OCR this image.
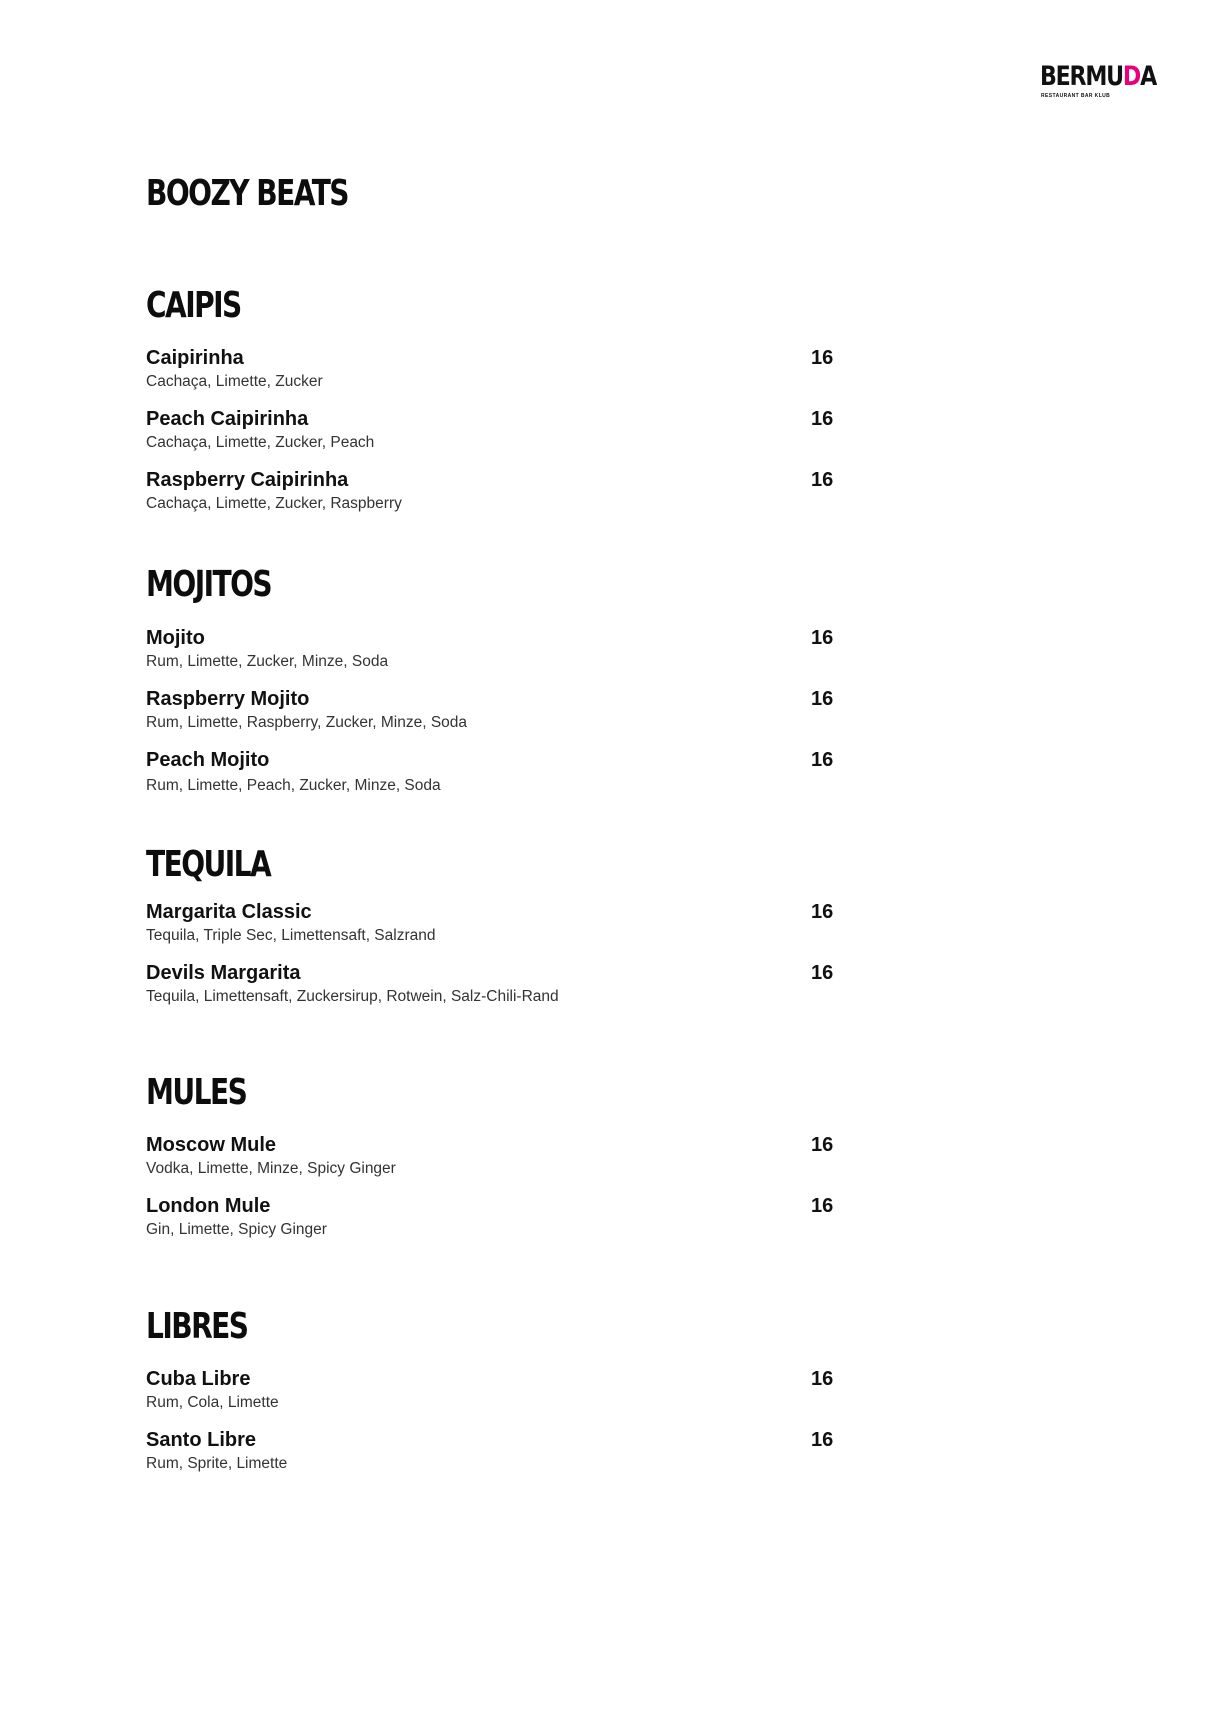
BERMUDA
RESTAURANT BAR KLUB
BOOZY BEATS
CAIPIS
Caipirinha
Cachaça, Limette, Zucker
16
Peach Caipirinha
Cachaça, Limette, Zucker, Peach
16
Raspberry Caipirinha
Cachaça, Limette, Zucker, Raspberry
16
MOJITOS
Mojito
Rum, Limette, Zucker, Minze, Soda
16
Raspberry Mojito
Rum, Limette, Raspberry, Zucker, Minze, Soda
16
Peach Mojito
Rum, Limette, Peach, Zucker, Minze, Soda
16
TEQUILA
Margarita Classic
Tequila, Triple Sec, Limettensaft, Salzrand
16
Devils Margarita
Tequila, Limettensaft, Zuckersirup, Rotwein, Salz-Chili-Rand
16
MULES
Moscow Mule
Vodka, Limette, Minze, Spicy Ginger
16
London Mule
Gin, Limette, Spicy Ginger
16
LIBRES
Cuba Libre
Rum, Cola, Limette
16
Santo Libre
Rum, Sprite, Limette
16
